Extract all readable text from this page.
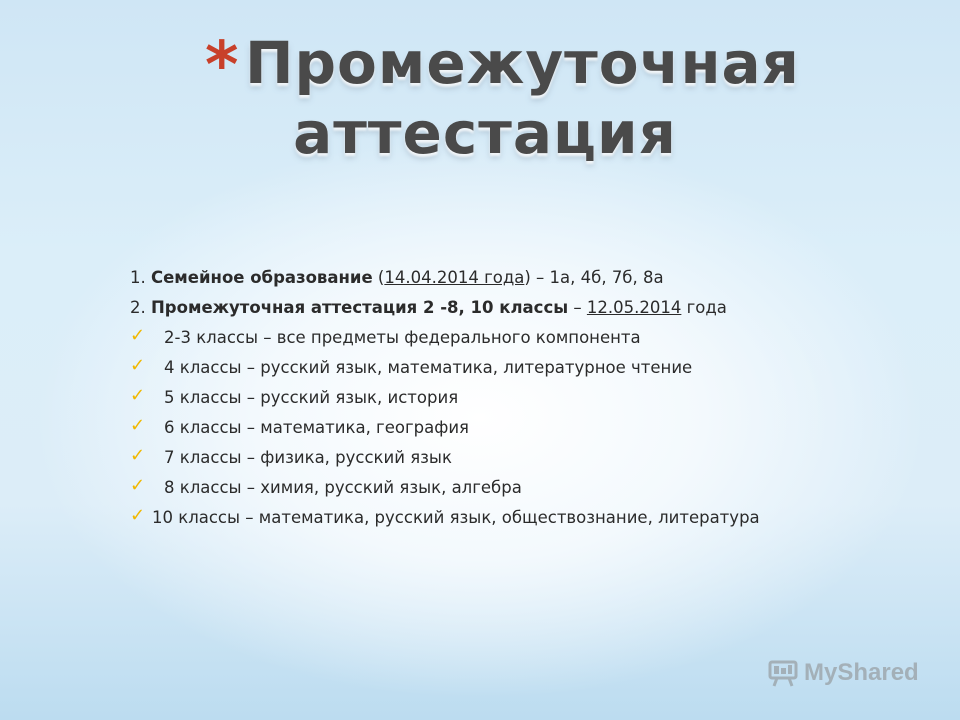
* Промежуточная аттестация

1. Семейное образование (14.04.2014 года) – 1а, 4б, 7б, 8а

2. Промежуточная аттестация 2 -8, 10 классы – 12.05.2014 года

✓	2-3 классы – все предметы федерального компонента
✓	4 классы – русский язык, математика, литературное чтение
✓	5 классы – русский язык, история
✓	6 классы – математика, география
✓	7 классы – физика, русский язык
✓	8 классы – химия, русский язык, алгебра
✓ 10 классы – математика, русский язык, обществознание, литература
MyShared
